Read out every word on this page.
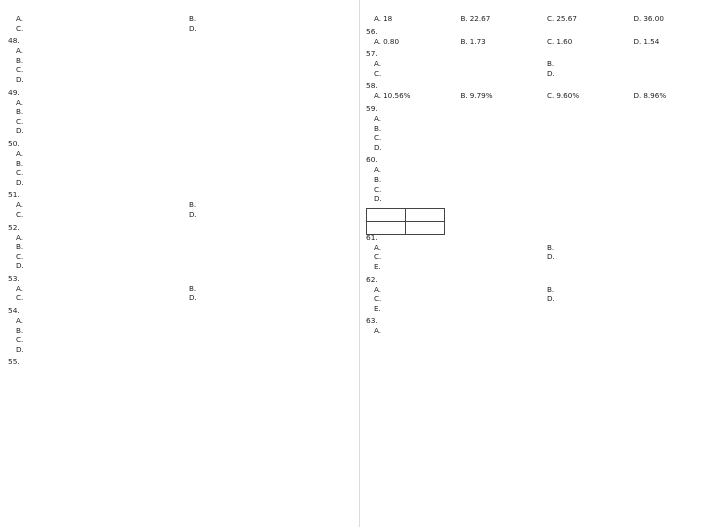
A.	B.
C.	D.
48.
A.
B.
C.
D.
49.
A.
B.
C.
D.
50.
A.
B.
C.
D.
51.
A.	B.
C.	D.
52.
A.
B.
C.
D.
53.
A.	B.
C.	D.
54.
A.
B.
C.
D.
55.
A. 18	B. 22.67	C. 25.67	D. 36.00
56.
A. 0.80	B. 1.73	C. 1.60	D. 1.54
57.
A.	B.
C.	D.
58.
A. 10.56%	B. 9.79%	C. 9.60%	D. 8.96%
59.
A.
B.
C.
D.
60.
A.
B.
C.
D.

61.
A.	B.
C.	D.
E.
62.
A.	B.
C.	D.
E.
63.
A.
